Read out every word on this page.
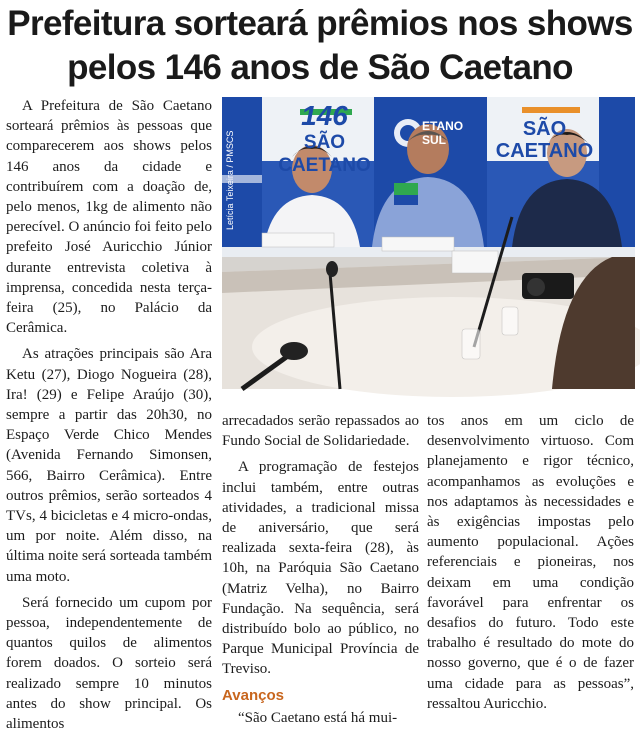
Prefeitura sorteará prêmios nos shows
pelos 146 anos de São Caetano

A Prefeitura de São Caetano sorteará prêmios às pessoas que comparecerem aos shows pelos 146 anos da cidade e contribuírem com a doação de, pelo menos, 1kg de alimento não perecível. O anúncio foi feito pelo prefeito José Auricchio Júnior durante entrevista coletiva à imprensa, concedida nesta terça-feira (25), no Palácio da Cerâmica.

As atrações principais são Ara Ketu (27), Diogo Nogueira (28), Ira! (29) e Felipe Araújo (30), sempre a partir das 20h30, no Espaço Verde Chico Mendes (Avenida Fernando Simonsen, 566, Bairro Cerâmica). Entre outros prêmios, serão sorteados 4 TVs, 4 bicicletas e 4 micro-ondas, um por noite. Além disso, na última noite será sorteada também uma moto.

Será fornecido um cupom por pessoa, independentemente de quantos quilos de alimentos forem doados. O sorteio será realizado sempre 10 minutos antes do show principal. Os alimentos

146
SÃO CAETANO
ETANO
SUL	SÃO
CAETANO
Letícia Teixeira / PMSCS

arrecadados serão repassados ao Fundo Social de Solidariedade.

A programação de festejos inclui também, entre outras atividades, a tradicional missa de aniversário, que será realizada sexta-feira (28), às 10h, na Paróquia São Caetano (Matriz Velha), no Bairro Fundação. Na sequência, será distribuído bolo ao público, no Parque Municipal Província de Treviso.

Avanços

“São Caetano está há mui-

tos anos em um ciclo de desenvolvimento virtuoso. Com planejamento e rigor técnico, acompanhamos as evoluções e nos adaptamos às necessidades e às exigências impostas pelo aumento populacional. Ações referenciais e pioneiras, nos deixam em uma condição favorável para enfrentar os desafios do futuro. Todo este trabalho é resultado do mote do nosso governo, que é o de fazer uma cidade para as pessoas”, ressaltou Auricchio.
